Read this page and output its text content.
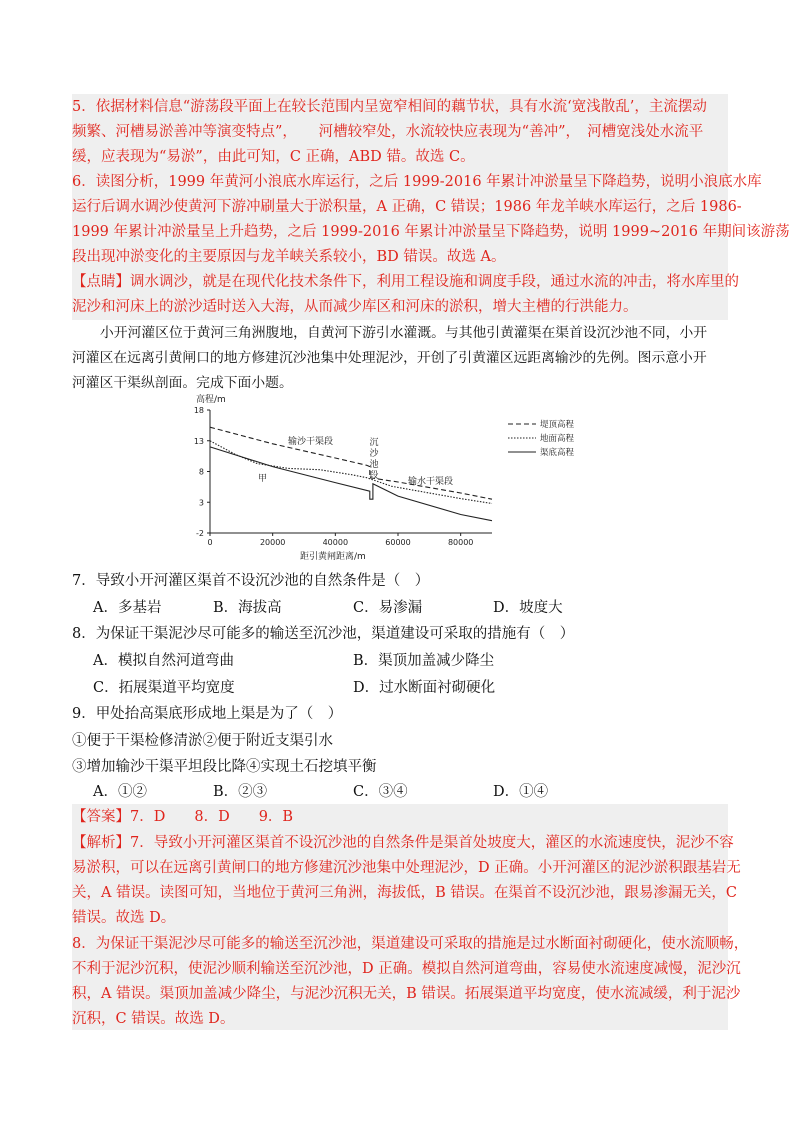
5．依据材料信息“游荡段平面上在较长范围内呈宽窄相间的藕节状，具有水流‘宽浅散乱’，主流摆动
频繁、河槽易淤善冲等演变特点”，　　河槽较窄处，水流较快应表现为“善冲”，　河槽宽浅处水流平
缓，应表现为“易淤”，由此可知，C 正确，ABD 错。故选 C。
6．读图分析，1999 年黄河小浪底水库运行，之后 1999-2016 年累计冲淤量呈下降趋势，说明小浪底水库
运行后调水调沙使黄河下游冲刷量大于淤积量，A 正确，C 错误；1986 年龙羊峡水库运行，之后 1986-
1999 年累计冲淤量呈上升趋势，之后 1999-2016 年累计冲淤量呈下降趋势，说明 1999~2016 年期间该游荡
段出现冲淤变化的主要原因与龙羊峡关系较小，BD 错误。故选 A。
【点睛】调水调沙，就是在现代化技术条件下，利用工程设施和调度手段，通过水流的冲击，将水库里的
泥沙和河床上的淤沙适时送入大海，从而减少库区和河床的淤积，增大主槽的行洪能力。
小开河灌区位于黄河三角洲腹地，自黄河下游引水灌溉。与其他引黄灌渠在渠首设沉沙池不同，小开
河灌区在远离引黄闸口的地方修建沉沙池集中处理泥沙，开创了引黄灌区远距离输沙的先例。图示意小开
河灌区干渠纵剖面。完成下面小题。
高程/m
18
13
8
3
-2
0	20000	40000	60000	80000
输沙干渠段
甲	输水干渠段
沉
沙
池
段
距引黄闸距离/m
堤顶高程
地面高程
渠底高程
7．导致小开河灌区渠首不设沉沙池的自然条件是（　）
A．多基岩	B．海拔高	C．易渗漏	D．坡度大
8．为保证干渠泥沙尽可能多的输送至沉沙池，渠道建设可采取的措施有（　）
A．模拟自然河道弯曲	B．渠顶加盖减少降尘
C．拓展渠道平均宽度	D．过水断面衬砌硬化
9．甲处抬高渠底形成地上渠是为了（　）
①便于干渠检修清淤②便于附近支渠引水
③增加输沙干渠平坦段比降④实现土石挖填平衡
A．①②	B．②③	C．③④	D．①④
【答案】7．D　　8．D　　9．B
【解析】7．导致小开河灌区渠首不设沉沙池的自然条件是渠首处坡度大，灌区的水流速度快，泥沙不容
易淤积，可以在远离引黄闸口的地方修建沉沙池集中处理泥沙，D 正确。小开河灌区的泥沙淤积跟基岩无
关，A 错误。读图可知，当地位于黄河三角洲，海拔低，B 错误。在渠首不设沉沙池，跟易渗漏无关，C
错误。故选 D。
8．为保证干渠泥沙尽可能多的输送至沉沙池，渠道建设可采取的措施是过水断面衬砌硬化，使水流顺畅，
不利于泥沙沉积，使泥沙顺利输送至沉沙池，D 正确。模拟自然河道弯曲，容易使水流速度减慢，泥沙沉
积，A 错误。渠顶加盖减少降尘，与泥沙沉积无关，B 错误。拓展渠道平均宽度，使水流减缓，利于泥沙
沉积，C 错误。故选 D。
